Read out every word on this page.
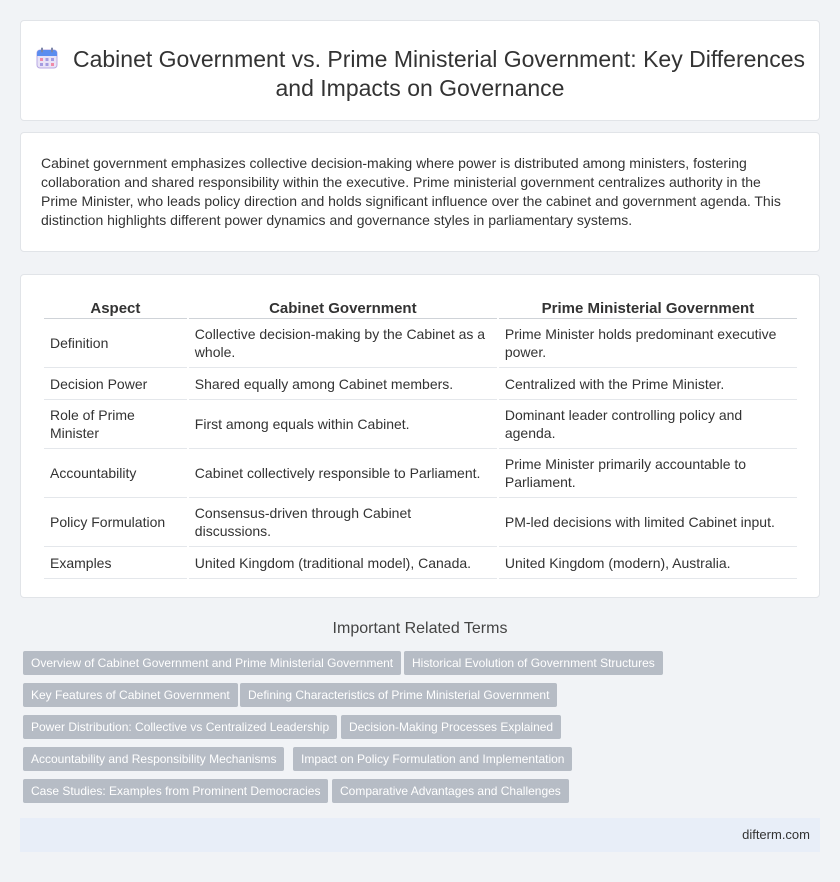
Cabinet Government vs. Prime Ministerial Government: Key Differences and Impacts on Governance

Cabinet government emphasizes collective decision-making where power is distributed among ministers, fostering collaboration and shared responsibility within the executive. Prime ministerial government centralizes authority in the Prime Minister, who leads policy direction and holds significant influence over the cabinet and government agenda. This distinction highlights different power dynamics and governance styles in parliamentary systems.

Aspect	Cabinet Government	Prime Ministerial Government
Definition	Collective decision-making by the Cabinet as a whole.	Prime Minister holds predominant executive power.
Decision Power	Shared equally among Cabinet members.	Centralized with the Prime Minister.
Role of Prime Minister	First among equals within Cabinet.	Dominant leader controlling policy and agenda.
Accountability	Cabinet collectively responsible to Parliament.	Prime Minister primarily accountable to Parliament.
Policy Formulation	Consensus-driven through Cabinet discussions.	PM-led decisions with limited Cabinet input.
Examples	United Kingdom (traditional model), Canada.	United Kingdom (modern), Australia.
Important Related Terms
Overview of Cabinet Government and Prime Ministerial Government	Historical Evolution of Government Structures
Key Features of Cabinet Government	Defining Characteristics of Prime Ministerial Government
Power Distribution: Collective vs Centralized Leadership	Decision-Making Processes Explained
Accountability and Responsibility Mechanisms	Impact on Policy Formulation and Implementation
Case Studies: Examples from Prominent Democracies	Comparative Advantages and Challenges
difterm.com
